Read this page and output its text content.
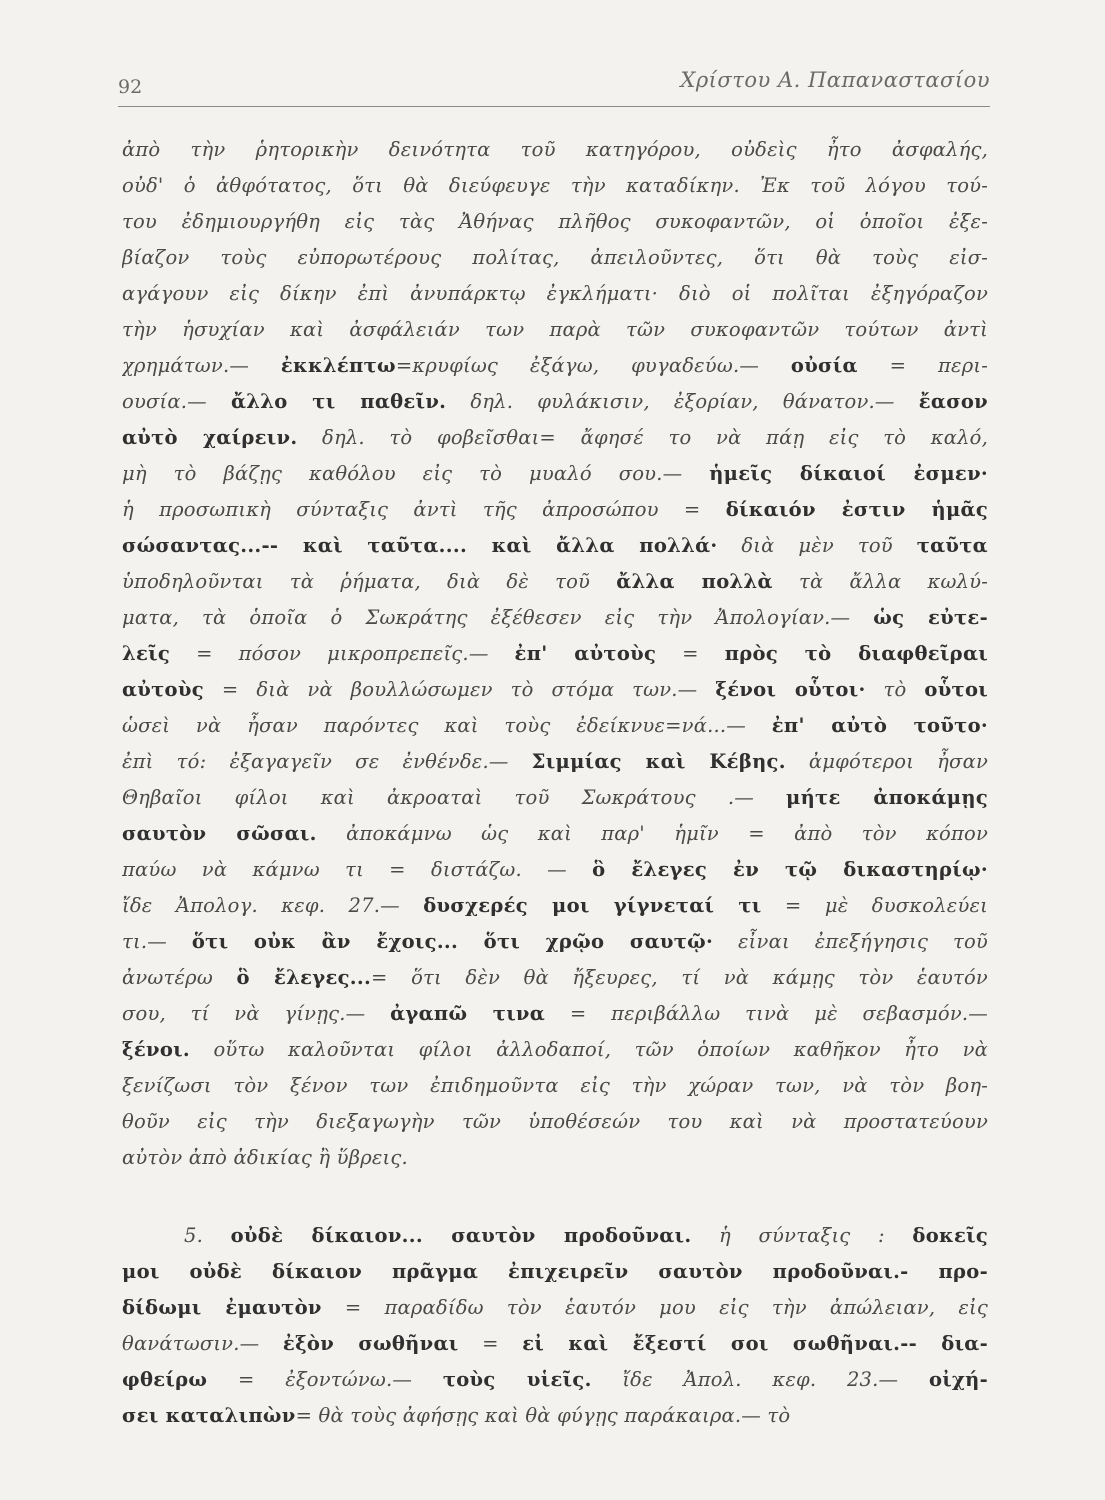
92	Χρίστου Α. Παπαναστασίου
ἀπὸ τὴν ῥητορικὴν δεινότητα τοῦ κατηγόρου, οὐδεὶς ἦτο ἀσφαλής,
οὐδ' ὁ ἀθφότατος, ὅτι θὰ διεύφευγε τὴν καταδίκην. Ἐκ τοῦ λόγου τού-
του ἐδημιουργήθη εἰς τὰς Ἀθήνας πλῆθος συκοφαντῶν, οἱ ὁποῖοι ἐξε-
βίαζον τοὺς εὐπορωτέρους πολίτας, ἀπειλοῦντες, ὅτι θὰ τοὺς εἰσ-
αγάγουν εἰς δίκην ἐπὶ ἀνυπάρκτῳ ἐγκλήματι· διὸ οἱ πολῖται ἐξηγόραζον
τὴν ἡσυχίαν καὶ ἀσφάλειάν των παρὰ τῶν συκοφαντῶν τούτων ἀντὶ
χρημάτων.— ἐκκλέπτω=κρυφίως ἐξάγω, φυγαδεύω.— οὐσία = περι-
ουσία.— ἄλλο τι παθεῖν. δηλ. φυλάκισιν, ἐξορίαν, θάνατον.— ἔασον
αὐτὸ χαίρειν. δηλ. τὸ φοβεῖσθαι= ἄφησέ το νὰ πάῃ εἰς τὸ καλό,
μὴ τὸ βάζῃς καθόλου εἰς τὸ μυαλό σου.— ἡμεῖς δίκαιοί ἐσμεν·
ἡ προσωπικὴ σύνταξις ἀντὶ τῆς ἀπροσώπου = δίκαιόν ἐστιν ἡμᾶς
σώσαντας...-- καὶ ταῦτα.... καὶ ἄλλα πολλά· διὰ μὲν τοῦ ταῦτα
ὑποδηλοῦνται τὰ ῥήματα, διὰ δὲ τοῦ ἄλλα πολλὰ τὰ ἄλλα κωλύ-
ματα, τὰ ὁποῖα ὁ Σωκράτης ἐξέθεσεν εἰς τὴν Ἀπολογίαν.— ὡς εὐτε-
λεῖς = πόσον μικροπρεπεῖς.— ἐπ' αὐτοὺς = πρὸς τὸ διαφθεῖραι
αὐτοὺς = διὰ νὰ βουλλώσωμεν τὸ στόμα των.— ξένοι οὗτοι· τὸ οὗτοι
ὡσεὶ νὰ ἦσαν παρόντες καὶ τοὺς ἐδείκνυε=νά...— ἐπ' αὐτὸ τοῦτο·
ἐπὶ τό: ἐξαγαγεῖν σε ἐνθένδε.— Σιμμίας καὶ Κέβης. ἀμφότεροι ἦσαν
Θηβαῖοι φίλοι καὶ ἀκροαταὶ τοῦ Σωκράτους .— μήτε ἀποκάμῃς
σαυτὸν σῶσαι. ἀποκάμνω ὡς καὶ παρ' ἡμῖν = ἀπὸ τὸν κόπον
παύω νὰ κάμνω τι = διστάζω. — ὃ ἔλεγες ἐν τῷ δικαστηρίῳ·
ἴδε Ἀπολογ. κεφ. 27.— δυσχερές μοι γίγνεταί τι = μὲ δυσκολεύει
τι.— ὅτι οὐκ ἂν ἔχοις... ὅτι χρῷο σαυτῷ· εἶναι ἐπεξήγησις τοῦ
ἀνωτέρω ὃ ἔλεγες...= ὅτι δὲν θὰ ἤξευρες, τί νὰ κάμῃς τὸν ἑαυτόν
σου, τί νὰ γίνῃς.— ἀγαπῶ τινα = περιβάλλω τινὰ μὲ σεβασμόν.—
ξένοι. οὕτω καλοῦνται φίλοι ἀλλοδαποί, τῶν ὁποίων καθῆκον ἦτο νὰ
ξενίζωσι τὸν ξένον των ἐπιδημοῦντα εἰς τὴν χώραν των, νὰ τὸν βοη-
θοῦν εἰς τὴν διεξαγωγὴν τῶν ὑποθέσεών του καὶ νὰ προστατεύουν
αὐτὸν ἀπὸ ἀδικίας ἢ ὕβρεις.
5. οὐδὲ δίκαιον... σαυτὸν προδοῦναι. ἡ σύνταξις : δοκεῖς
μοι οὐδὲ δίκαιον πρᾶγμα ἐπιχειρεῖν σαυτὸν προδοῦναι.- προ-
δίδωμι ἐμαυτὸν = παραδίδω τὸν ἑαυτόν μου εἰς τὴν ἀπώλειαν, εἰς
θανάτωσιν.— ἐξὸν σωθῆναι = εἰ καὶ ἔξεστί σοι σωθῆναι.-- δια-
φθείρω = ἐξοντώνω.— τοὺς υἱεῖς. ἴδε Ἀπολ. κεφ. 23.— οἰχή-
σει καταλιπὼν= θὰ τοὺς ἀφήσῃς καὶ θὰ φύγῃς παράκαιρα.— τὸ
